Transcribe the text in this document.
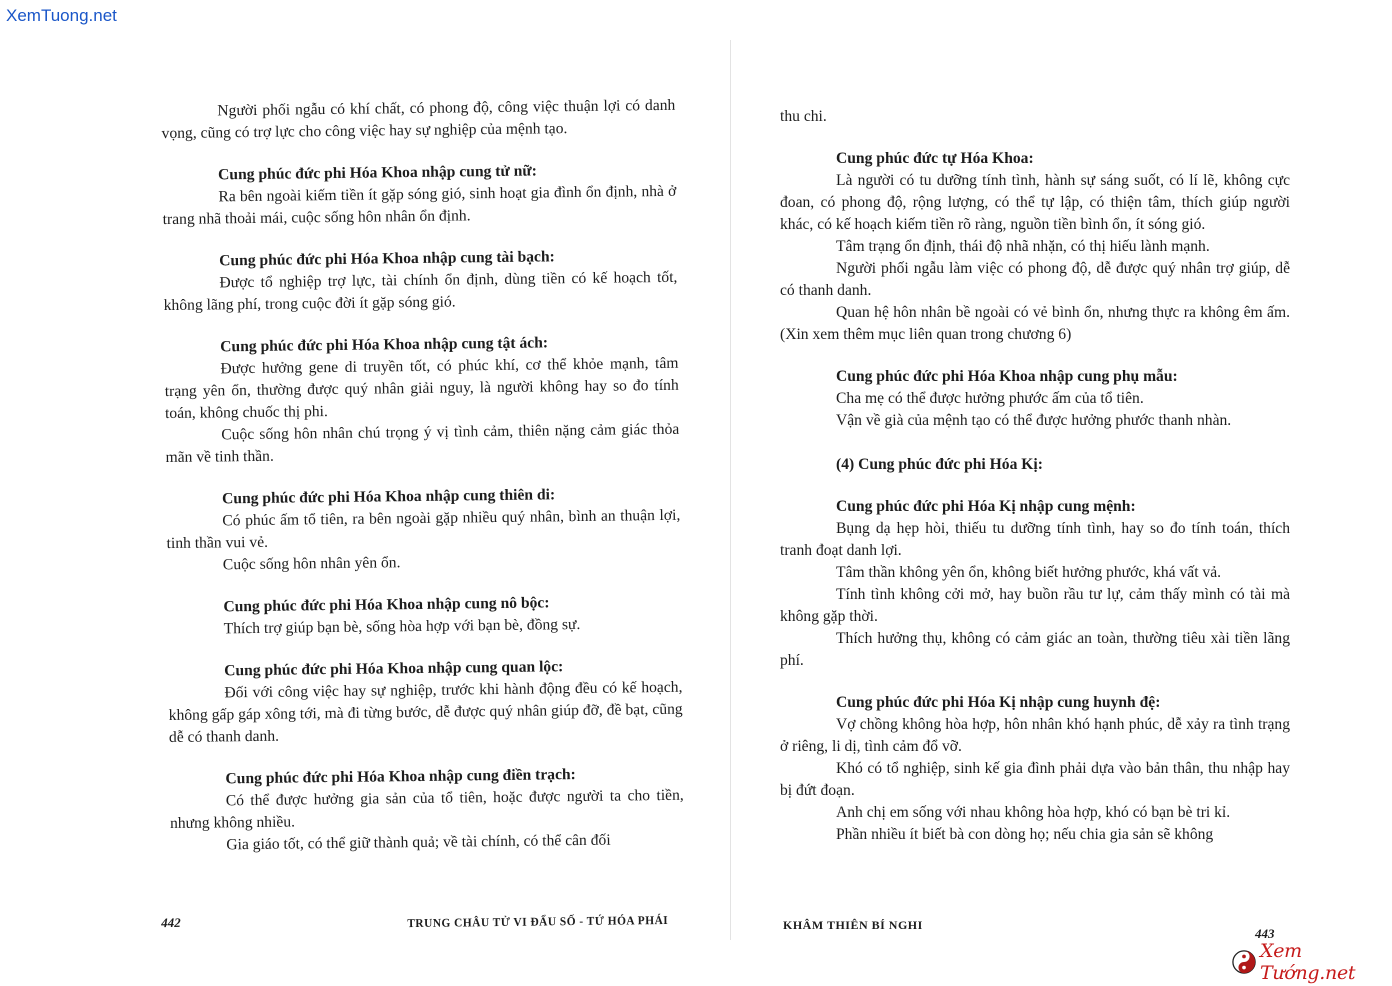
XemTuong.net
Người phối ngẫu có khí chất, có phong độ, công việc thuận lợi có danh vọng, cũng có trợ lực cho công việc hay sự nghiệp của mệnh tạo.
Cung phúc đức phi Hóa Khoa nhập cung tử nữ:
Ra bên ngoài kiếm tiền ít gặp sóng gió, sinh hoạt gia đình ổn định, nhà ở trang nhã thoải mái, cuộc sống hôn nhân ổn định.
Cung phúc đức phi Hóa Khoa nhập cung tài bạch:
Được tổ nghiệp trợ lực, tài chính ổn định, dùng tiền có kế hoạch tốt, không lãng phí, trong cuộc đời ít gặp sóng gió.
Cung phúc đức phi Hóa Khoa nhập cung tật ách:
Được hưởng gene di truyền tốt, có phúc khí, cơ thể khỏe mạnh, tâm trạng yên ổn, thường được quý nhân giải nguy, là người không hay so đo tính toán, không chuốc thị phi.
Cuộc sống hôn nhân chú trọng ý vị tình cảm, thiên nặng cảm giác thỏa mãn về tinh thần.
Cung phúc đức phi Hóa Khoa nhập cung thiên di:
Có phúc ấm tổ tiên, ra bên ngoài gặp nhiều quý nhân, bình an thuận lợi, tinh thần vui vẻ.
Cuộc sống hôn nhân yên ổn.
Cung phúc đức phi Hóa Khoa nhập cung nô bộc:
Thích trợ giúp bạn bè, sống hòa hợp với bạn bè, đồng sự.
Cung phúc đức phi Hóa Khoa nhập cung quan lộc:
Đối với công việc hay sự nghiệp, trước khi hành động đều có kế hoạch, không gấp gáp xông tới, mà đi từng bước, dễ được quý nhân giúp đỡ, đề bạt, cũng dễ có thanh danh.
Cung phúc đức phi Hóa Khoa nhập cung điền trạch:
Có thể được hưởng gia sản của tổ tiên, hoặc được người ta cho tiền, nhưng không nhiều.
Gia giáo tốt, có thể giữ thành quả; về tài chính, có thể cân đối
442	TRUNG CHÂU TỬ VI ĐẨU SỐ - TỨ HÓA PHÁI
thu chi.
Cung phúc đức tự Hóa Khoa:
Là người có tu dưỡng tính tình, hành sự sáng suốt, có lí lẽ, không cực đoan, có phong độ, rộng lượng, có thể tự lập, có thiện tâm, thích giúp người khác, có kế hoạch kiếm tiền rõ ràng, nguồn tiền bình ổn, ít sóng gió.
Tâm trạng ổn định, thái độ nhã nhặn, có thị hiếu lành mạnh.
Người phối ngẫu làm việc có phong độ, dễ được quý nhân trợ giúp, dễ có thanh danh.
Quan hệ hôn nhân bề ngoài có vẻ bình ổn, nhưng thực ra không êm ấm. (Xin xem thêm mục liên quan trong chương 6)
Cung phúc đức phi Hóa Khoa nhập cung phụ mẫu:
Cha mẹ có thể được hưởng phước ấm của tổ tiên.
Vận về già của mệnh tạo có thể được hưởng phước thanh nhàn.
(4) Cung phúc đức phi Hóa Kị:
Cung phúc đức phi Hóa Kị nhập cung mệnh:
Bụng dạ hẹp hòi, thiếu tu dưỡng tính tình, hay so đo tính toán, thích tranh đoạt danh lợi.
Tâm thần không yên ổn, không biết hưởng phước, khá vất vả.
Tính tình không cởi mở, hay buồn rầu tư lự, cảm thấy mình có tài mà không gặp thời.
Thích hưởng thụ, không có cảm giác an toàn, thường tiêu xài tiền lãng phí.
Cung phúc đức phi Hóa Kị nhập cung huynh đệ:
Vợ chồng không hòa hợp, hôn nhân khó hạnh phúc, dễ xảy ra tình trạng ở riêng, li dị, tình cảm đổ vỡ.
Khó có tổ nghiệp, sinh kế gia đình phải dựa vào bản thân, thu nhập hay bị đứt đoạn.
Anh chị em sống với nhau không hòa hợp, khó có bạn bè tri kỉ.
Phần nhiều ít biết bà con dòng họ; nếu chia gia sản sẽ không
KHÂM THIÊN BÍ NGHI
443
Xem Tướng.net
